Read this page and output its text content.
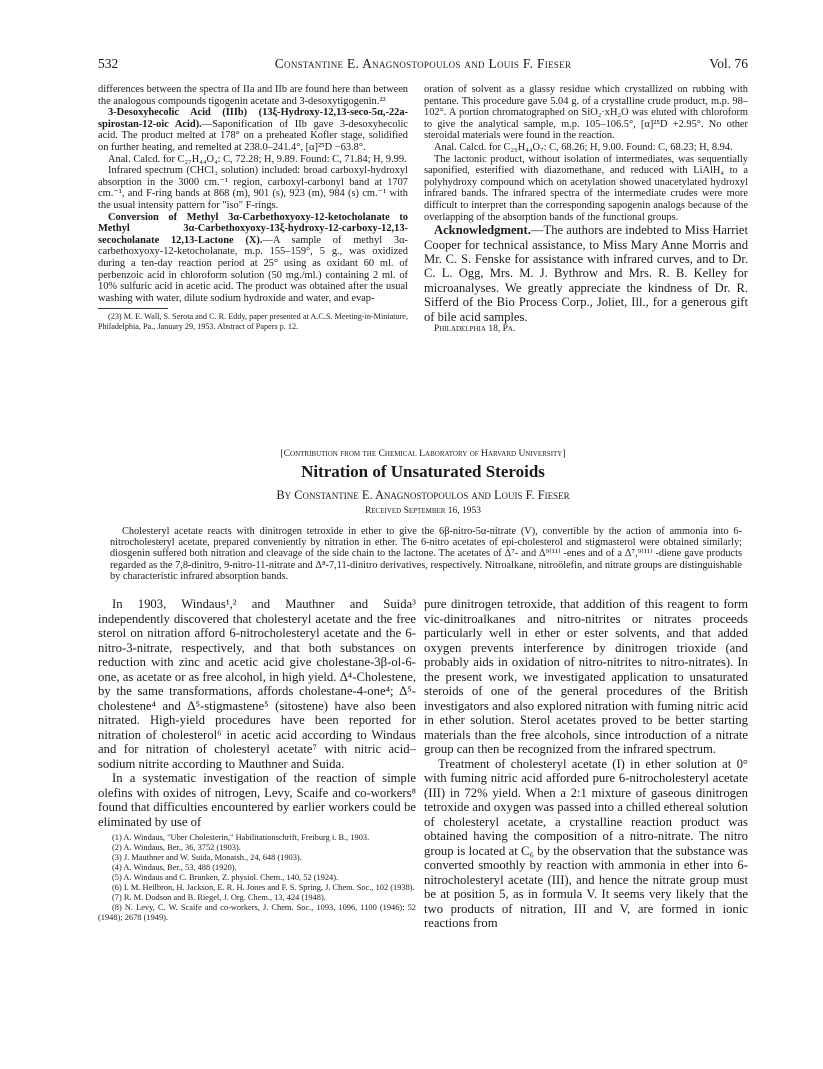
532	Constantine E. Anagnostopoulos and Louis F. Fieser	Vol. 76

differences between the spectra of IIa and IIb are found here than between the analogous compounds tigogenin acetate and 3-desoxytigogenin.²³

3-Desoxyhecolic Acid (IIIb) (13ξ-Hydroxy-12,13-seco-5α,-22a-spirostan-12-oic Acid).—Saponification of IIb gave 3-desoxyhecolic acid. The product melted at 178° on a preheated Kofler stage, solidified on further heating, and remelted at 238.0–241.4°, [α]²⁵D −63.8°.

Anal. Calcd. for C₂₇H₄₄O₄: C, 72.28; H, 9.89. Found: C, 71.84; H, 9.99.

Infrared spectrum (CHCl₃ solution) included: broad carboxyl-hydroxyl absorption in the 3000 cm.⁻¹ region, carboxyl-carbonyl band at 1707 cm.⁻¹, and F-ring bands at 868 (m), 901 (s), 923 (m), 984 (s) cm.⁻¹ with the usual intensity pattern for "iso" F-rings.

Conversion of Methyl 3α-Carbethoxyoxy-12-ketocholanate to Methyl 3α-Carbethoxyoxy-13ξ-hydroxy-12-carboxy-12,13-secocholanate 12,13-Lactone (X).—A sample of methyl 3α-carbethoxyoxy-12-ketocholanate, m.p. 155–159°, 5 g., was oxidized during a ten-day reaction period at 25° using as oxidant 60 ml. of perbenzoic acid in chloroform solution (50 mg./ml.) containing 2 ml. of 10% sulfuric acid in acetic acid. The product was obtained after the usual washing with water, dilute sodium hydroxide and water, and evap-

(23) M. E. Wall, S. Serota and C. R. Eddy, paper presented at A.C.S. Meeting-in-Miniature, Philadelphia, Pa., January 29, 1953. Abstract of Papers p. 12.

oration of solvent as a glassy residue which crystallized on rubbing with pentane. This procedure gave 5.04 g. of a crystalline crude product, m.p. 98–102°. A portion chromatographed on SiO₂·xH₂O was eluted with chloroform to give the analytical sample, m.p. 105–106.5°, [α]²⁵D +2.95°. No other steroidal materials were found in the reaction.

Anal. Calcd. for C₂₉H₄₄O₇: C, 68.26; H, 9.00. Found: C, 68.23; H, 8.94.

The lactonic product, without isolation of intermediates, was sequentially saponified, esterified with diazomethane, and reduced with LiAlH₄ to a polyhydroxy compound which on acetylation showed unacetylated hydroxyl infrared bands. The infrared spectra of the intermediate crudes were more difficult to interpret than the corresponding sapogenin analogs because of the overlapping of the absorption bands of the functional groups.

Acknowledgment.—The authors are indebted to Miss Harriet Cooper for technical assistance, to Miss Mary Anne Morris and Mr. C. S. Fenske for assistance with infrared curves, and to Dr. C. L. Ogg, Mrs. M. J. Bythrow and Mrs. R. B. Kelley for microanalyses. We greatly appreciate the kindness of Dr. R. Sifferd of the Bio Process Corp., Joliet, Ill., for a generous gift of bile acid samples.

Philadelphia 18, Pa.

[Contribution from the Chemical Laboratory of Harvard University]
Nitration of Unsaturated Steroids
By Constantine E. Anagnostopoulos and Louis F. Fieser
Received September 16, 1953
Cholesteryl acetate reacts with dinitrogen tetroxide in ether to give the 6β-nitro-5α-nitrate (V), convertible by the action of ammonia into 6-nitrocholesteryl acetate, prepared conveniently by nitration in ether. The 6-nitro acetates of epi-cholesterol and stigmasterol were obtained similarly; diosgenin suffered both nitration and cleavage of the side chain to the lactone. The acetates of Δ⁷- and Δ⁹⁽¹¹⁾ -enes and of a Δ⁷,⁹⁽¹¹⁾ -diene gave products regarded as the 7,8-dinitro, 9-nitro-11-nitrate and Δ⁸-7,11-dinitro derivatives, respectively. Nitroalkane, nitroölefin, and nitrate groups are distinguishable by characteristic infrared absorption bands.

In 1903, Windaus¹,² and Mauthner and Suida³ independently discovered that cholesteryl acetate and the free sterol on nitration afford 6-nitrocholesteryl acetate and the 6-nitro-3-nitrate, respectively, and that both substances on reduction with zinc and acetic acid give cholestane-3β-ol-6-one, as acetate or as free alcohol, in high yield. Δ⁴-Cholestene, by the same transformations, affords cholestane-4-one⁴; Δ⁵-cholestene⁴ and Δ⁵-stigmastene⁵ (sitostene) have also been nitrated. High-yield procedures have been reported for nitration of cholesterol⁶ in acetic acid according to Windaus and for nitration of cholesteryl acetate⁷ with nitric acid–sodium nitrite according to Mauthner and Suida.

In a systematic investigation of the reaction of simple olefins with oxides of nitrogen, Levy, Scaife and co-workers⁸ found that difficulties encountered by earlier workers could be eliminated by use of

(1) A. Windaus, "Uber Cholesterin," Habilitationschrift, Freiburg i. B., 1903.

(2) A. Windaus, Ber., 36, 3752 (1903).

(3) J. Mauthner and W. Suida, Monatsh., 24, 648 (1903).

(4) A. Windaus, Ber., 53, 488 (1920).

(5) A. Windaus and C. Brunken, Z. physiol. Chem., 140, 52 (1924).

(6) I. M. Heilbron, H. Jackson, E. R. H. Jones and F. S. Spring, J. Chem. Soc., 102 (1938).

(7) R. M. Dodson and B. Riegel, J. Org. Chem., 13, 424 (1948).

(8) N. Levy, C. W. Scaife and co-workers, J. Chem. Soc., 1093, 1096, 1100 (1946); 52 (1948); 2678 (1949).

pure dinitrogen tetroxide, that addition of this reagent to form vic-dinitroalkanes and nitro-nitrites or nitrates proceeds particularly well in ether or ester solvents, and that added oxygen prevents interference by dinitrogen trioxide (and probably aids in oxidation of nitro-nitrites to nitro-nitrates). In the present work, we investigated application to unsaturated steroids of one of the general procedures of the British investigators and also explored nitration with fuming nitric acid in ether solution. Sterol acetates proved to be better starting materials than the free alcohols, since introduction of a nitrate group can then be recognized from the infrared spectrum.

Treatment of cholesteryl acetate (I) in ether solution at 0° with fuming nitric acid afforded pure 6-nitrocholesteryl acetate (III) in 72% yield. When a 2:1 mixture of gaseous dinitrogen tetroxide and oxygen was passed into a chilled ethereal solution of cholesteryl acetate, a crystalline reaction product was obtained having the composition of a nitro-nitrate. The nitro group is located at C₆ by the observation that the substance was converted smoothly by reaction with ammonia in ether into 6-nitrocholesteryl acetate (III), and hence the nitrate group must be at position 5, as in formula V. It seems very likely that the two products of nitration, III and V, are formed in ionic reactions from
